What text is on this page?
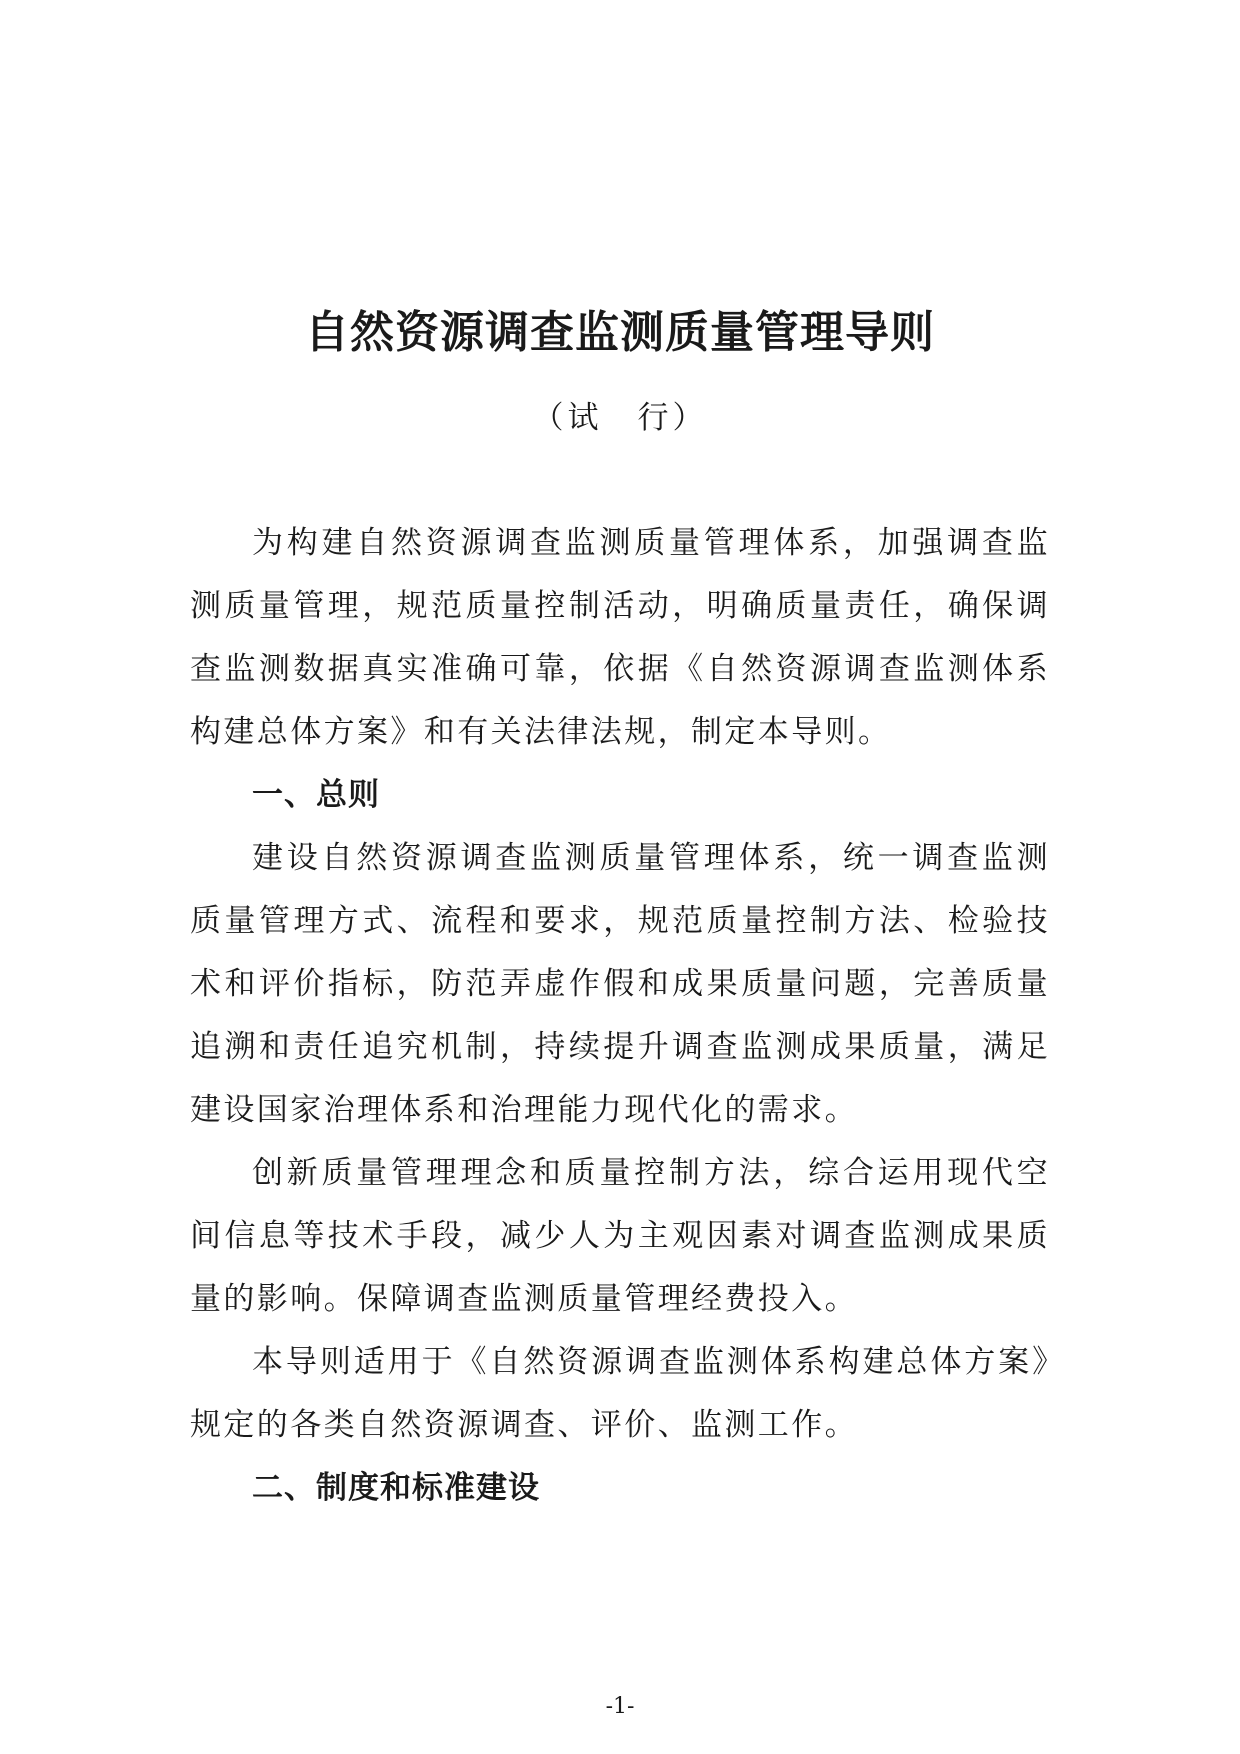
自然资源调查监测质量管理导则
（试　行）

为构建自然资源调查监测质量管理体系，加强调查监测质量管理，规范质量控制活动，明确质量责任，确保调查监测数据真实准确可靠，依据《自然资源调查监测体系构建总体方案》和有关法律法规，制定本导则。

一、总则

建设自然资源调查监测质量管理体系，统一调查监测质量管理方式、流程和要求，规范质量控制方法、检验技术和评价指标，防范弄虚作假和成果质量问题，完善质量追溯和责任追究机制，持续提升调查监测成果质量，满足建设国家治理体系和治理能力现代化的需求。

创新质量管理理念和质量控制方法，综合运用现代空间信息等技术手段，减少人为主观因素对调查监测成果质量的影响。保障调查监测质量管理经费投入。

本导则适用于《自然资源调查监测体系构建总体方案》规定的各类自然资源调查、评价、监测工作。

二、制度和标准建设

-1-
